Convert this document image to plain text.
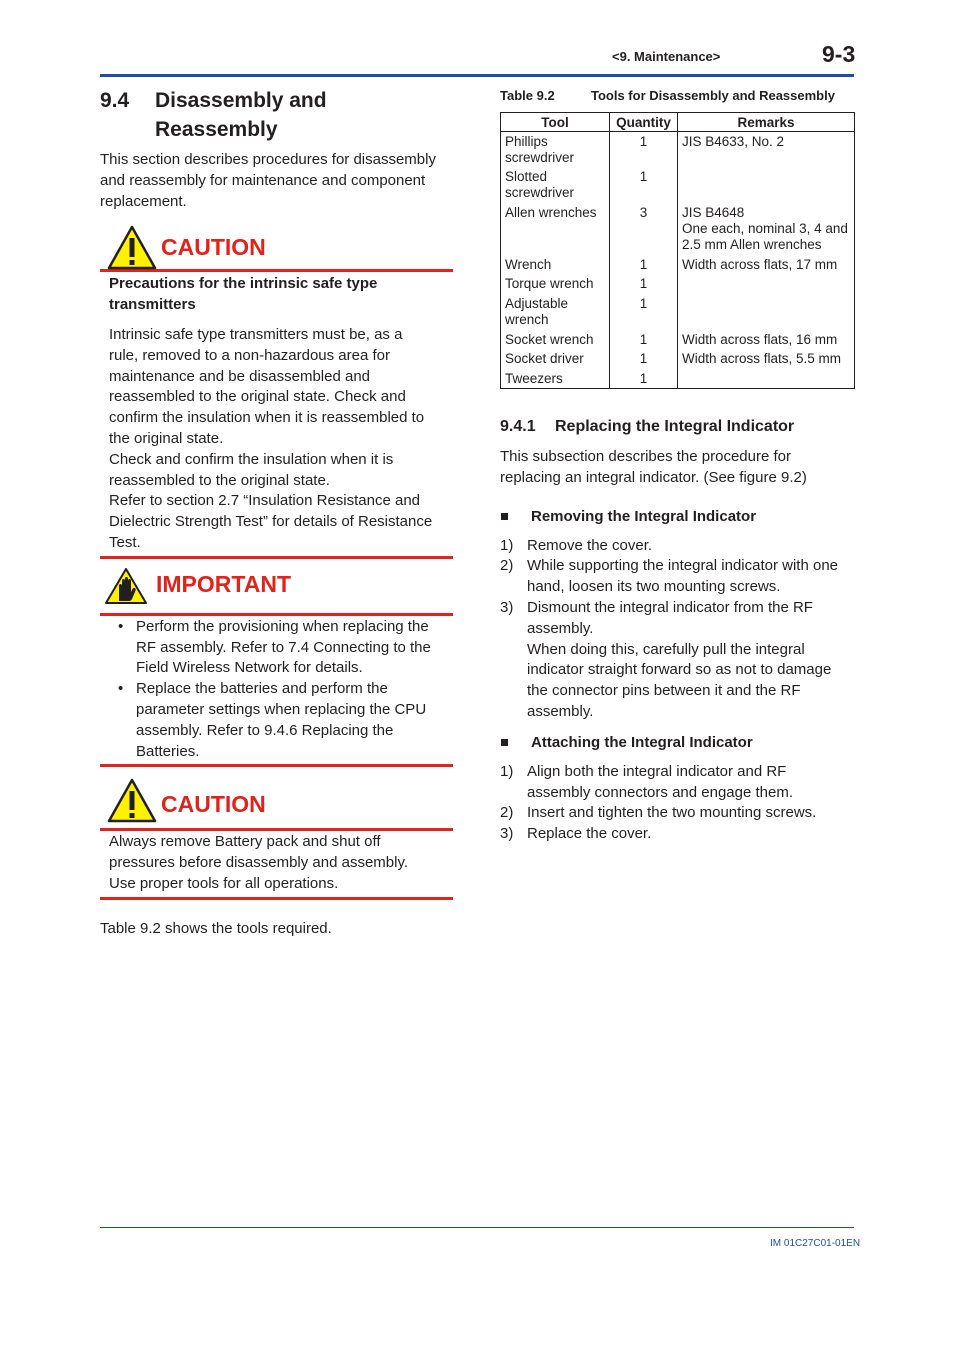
<9. Maintenance>	9-3
IM 01C27C01-01EN
9.4	Disassembly and
Reassembly

This section describes procedures for disassembly and reassembly for maintenance and component replacement.

CAUTION

Precautions for the intrinsic safe type transmitters

Intrinsic safe type transmitters must be, as a rule, removed to a non-hazardous area for maintenance and be disassembled and reassembled to the original state. Check and confirm the insulation when it is reassembled to the original state.

Check and confirm the insulation when it is reassembled to the original state.

Refer to section 2.7 “Insulation Resistance and Dielectric Strength Test” for details of Resistance Test.

IMPORTANT
• Perform the provisioning when replacing the RF assembly. Refer to 7.4 Connecting to the Field Wireless Network for details.
• Replace the batteries and perform the parameter settings when replacing the CPU assembly. Refer to 9.4.6 Replacing the Batteries.
CAUTION

Always remove Battery pack and shut off pressures before disassembly and assembly. Use proper tools for all operations.

Table 9.2 shows the tools required.

Table 9.2	Tools for Disassembly and Reassembly
Tool	Quantity	Remarks
Phillips screwdriver	1	JIS B4633, No. 2
Slotted screwdriver	1	
Allen wrenches	3	JIS B4648
One each, nominal 3, 4 and 2.5 mm Allen wrenches
Wrench	1	Width across flats, 17 mm
Torque wrench	1	
Adjustable wrench	1	
Socket wrench	1	Width across flats, 16 mm
Socket driver	1	Width across flats, 5.5 mm
Tweezers	1	
9.4.1	Replacing the Integral Indicator

This subsection describes the procedure for replacing an integral indicator. (See figure 9.2)

Removing the Integral Indicator
1) Remove the cover.
2) While supporting the integral indicator with one hand, loosen its two mounting screws.
3) Dismount the integral indicator from the RF assembly.
When doing this, carefully pull the integral indicator straight forward so as not to damage the connector pins between it and the RF assembly.
Attaching the Integral Indicator
1) Align both the integral indicator and RF assembly connectors and engage them.
2) Insert and tighten the two mounting screws.
3) Replace the cover.
